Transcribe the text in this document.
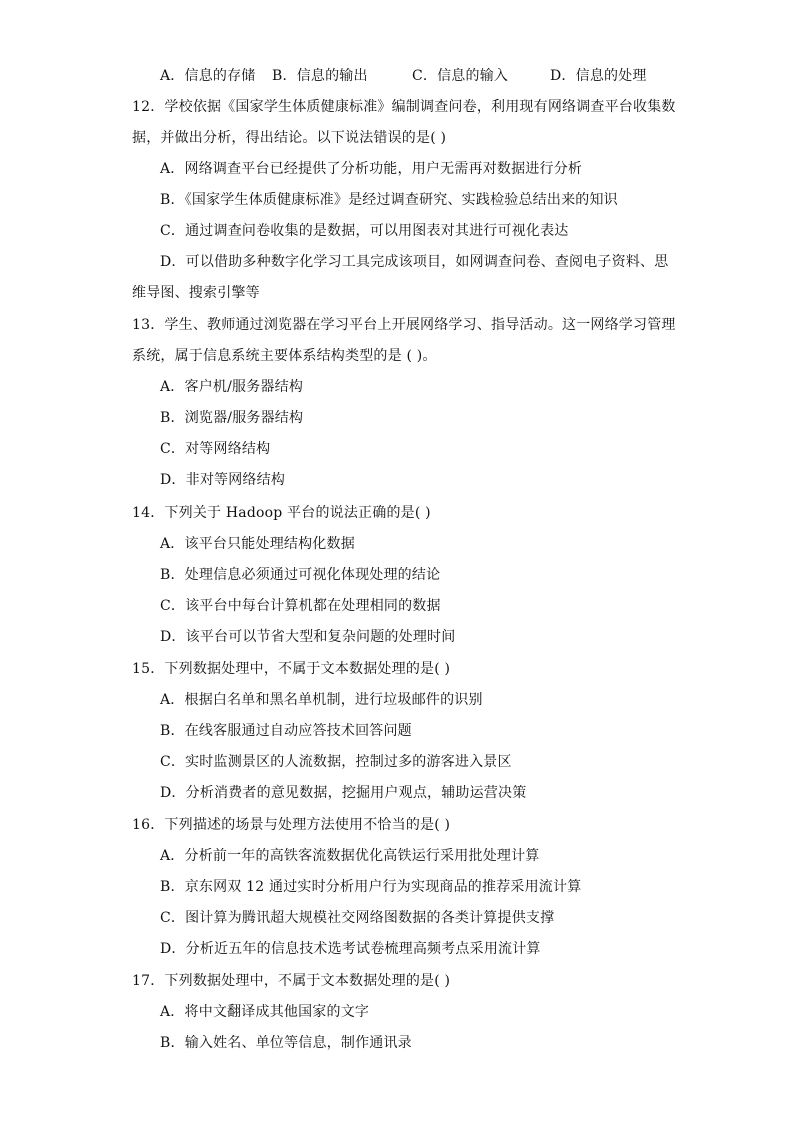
A．信息的存储 B．信息的输出	C．信息的输入	D．信息的处理
12．学校依据《国家学生体质健康标准》编制调查问卷，利用现有网络调查平台收集数
据，并做出分析，得出结论。以下说法错误的是( )
A．网络调查平台已经提供了分析功能，用户无需再对数据进行分析
B．《国家学生体质健康标准》是经过调查研究、实践检验总结出来的知识
C．通过调查问卷收集的是数据，可以用图表对其进行可视化表达
D．可以借助多种数字化学习工具完成该项目，如网调查问卷、查阅电子资料、思
维导图、搜索引擎等
13．学生、教师通过浏览器在学习平台上开展网络学习、指导活动。这一网络学习管理
系统，属于信息系统主要体系结构类型的是 ( )。
A．客户机/服务器结构
B．浏览器/服务器结构
C．对等网络结构
D．非对等网络结构
14．下列关于 Hadoop 平台的说法正确的是( )
A．该平台只能处理结构化数据
B．处理信息必须通过可视化体现处理的结论
C．该平台中每台计算机都在处理相同的数据
D．该平台可以节省大型和复杂问题的处理时间
15．下列数据处理中，不属于文本数据处理的是( )
A．根据白名单和黑名单机制，进行垃圾邮件的识别
B．在线客服通过自动应答技术回答问题
C．实时监测景区的人流数据，控制过多的游客进入景区
D．分析消费者的意见数据，挖掘用户观点，辅助运营决策
16．下列描述的场景与处理方法使用不恰当的是( )
A．分析前一年的高铁客流数据优化高铁运行采用批处理计算
B．京东网双 12 通过实时分析用户行为实现商品的推荐采用流计算
C．图计算为腾讯超大规模社交网络图数据的各类计算提供支撑
D．分析近五年的信息技术选考试卷梳理高频考点采用流计算
17．下列数据处理中，不属于文本数据处理的是( )
A．将中文翻译成其他国家的文字
B．输入姓名、单位等信息，制作通讯录
